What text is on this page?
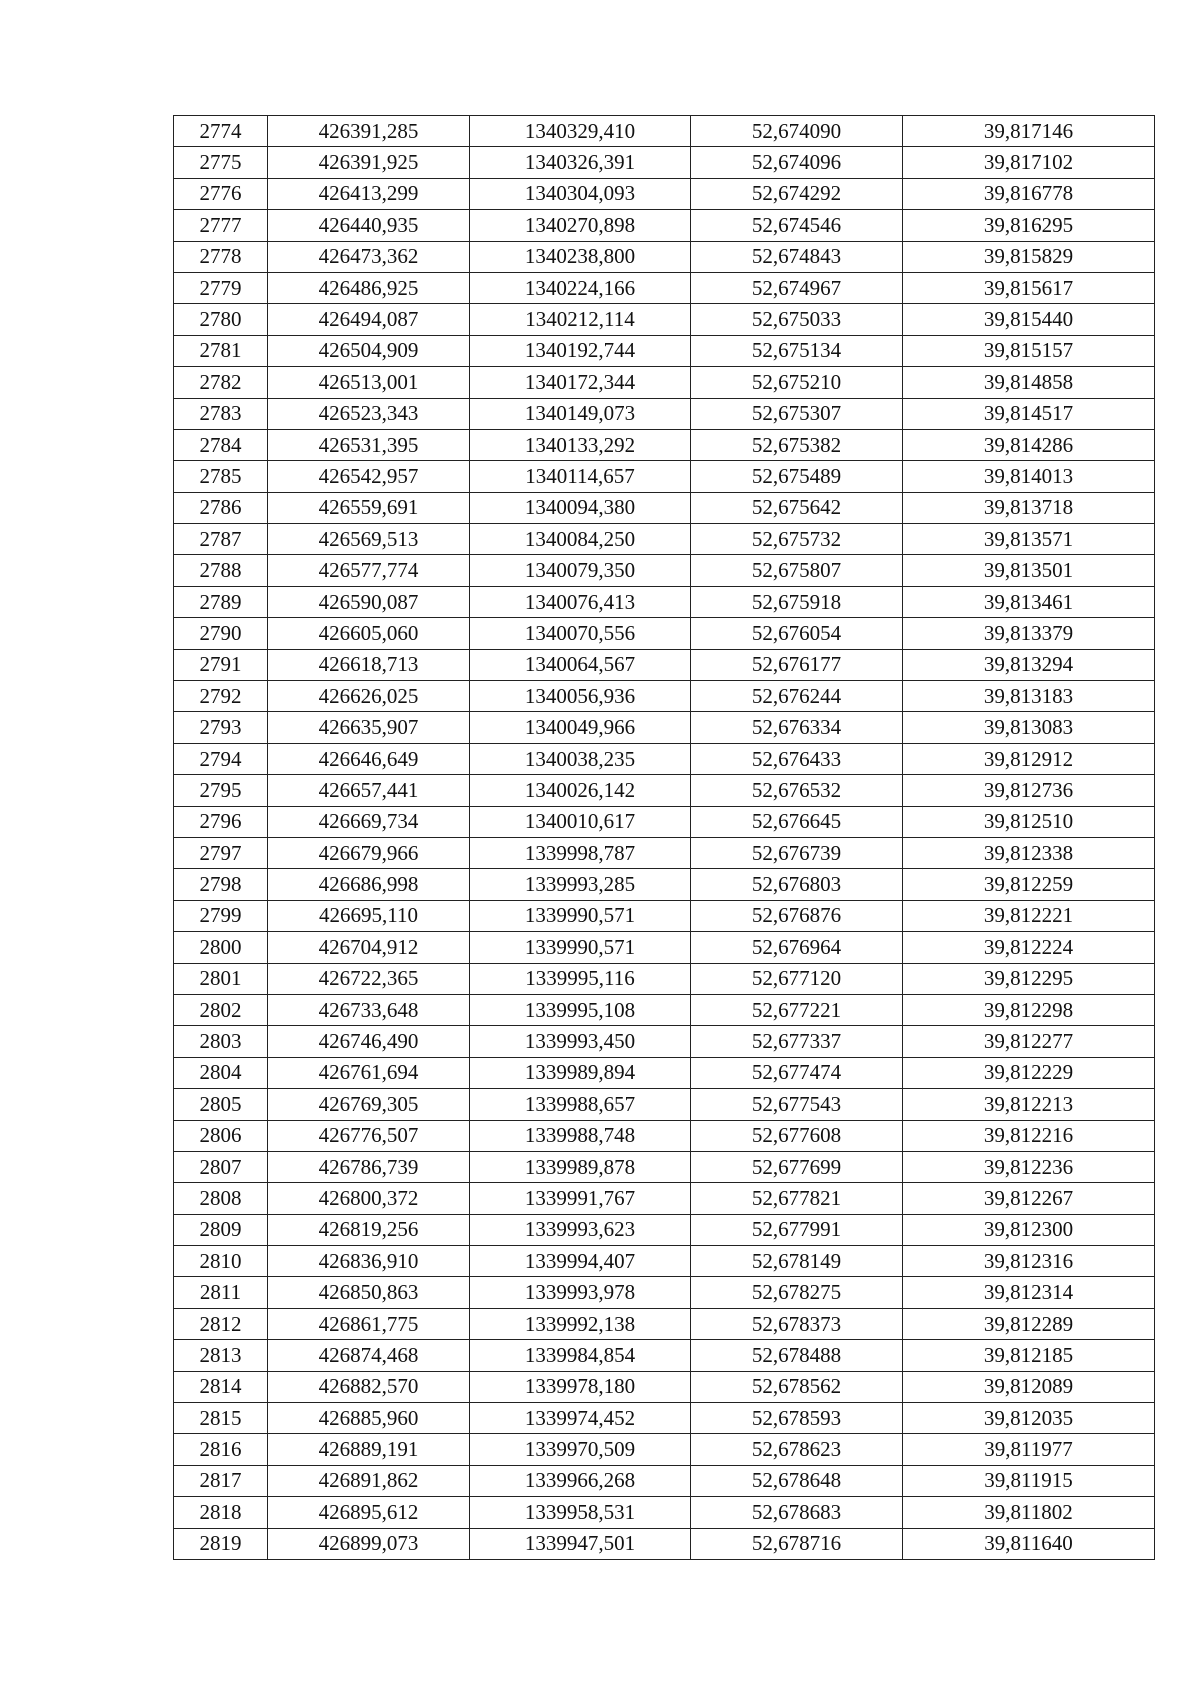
2774	426391,285	1340329,410	52,674090	39,817146
2775	426391,925	1340326,391	52,674096	39,817102
2776	426413,299	1340304,093	52,674292	39,816778
2777	426440,935	1340270,898	52,674546	39,816295
2778	426473,362	1340238,800	52,674843	39,815829
2779	426486,925	1340224,166	52,674967	39,815617
2780	426494,087	1340212,114	52,675033	39,815440
2781	426504,909	1340192,744	52,675134	39,815157
2782	426513,001	1340172,344	52,675210	39,814858
2783	426523,343	1340149,073	52,675307	39,814517
2784	426531,395	1340133,292	52,675382	39,814286
2785	426542,957	1340114,657	52,675489	39,814013
2786	426559,691	1340094,380	52,675642	39,813718
2787	426569,513	1340084,250	52,675732	39,813571
2788	426577,774	1340079,350	52,675807	39,813501
2789	426590,087	1340076,413	52,675918	39,813461
2790	426605,060	1340070,556	52,676054	39,813379
2791	426618,713	1340064,567	52,676177	39,813294
2792	426626,025	1340056,936	52,676244	39,813183
2793	426635,907	1340049,966	52,676334	39,813083
2794	426646,649	1340038,235	52,676433	39,812912
2795	426657,441	1340026,142	52,676532	39,812736
2796	426669,734	1340010,617	52,676645	39,812510
2797	426679,966	1339998,787	52,676739	39,812338
2798	426686,998	1339993,285	52,676803	39,812259
2799	426695,110	1339990,571	52,676876	39,812221
2800	426704,912	1339990,571	52,676964	39,812224
2801	426722,365	1339995,116	52,677120	39,812295
2802	426733,648	1339995,108	52,677221	39,812298
2803	426746,490	1339993,450	52,677337	39,812277
2804	426761,694	1339989,894	52,677474	39,812229
2805	426769,305	1339988,657	52,677543	39,812213
2806	426776,507	1339988,748	52,677608	39,812216
2807	426786,739	1339989,878	52,677699	39,812236
2808	426800,372	1339991,767	52,677821	39,812267
2809	426819,256	1339993,623	52,677991	39,812300
2810	426836,910	1339994,407	52,678149	39,812316
2811	426850,863	1339993,978	52,678275	39,812314
2812	426861,775	1339992,138	52,678373	39,812289
2813	426874,468	1339984,854	52,678488	39,812185
2814	426882,570	1339978,180	52,678562	39,812089
2815	426885,960	1339974,452	52,678593	39,812035
2816	426889,191	1339970,509	52,678623	39,811977
2817	426891,862	1339966,268	52,678648	39,811915
2818	426895,612	1339958,531	52,678683	39,811802
2819	426899,073	1339947,501	52,678716	39,811640
